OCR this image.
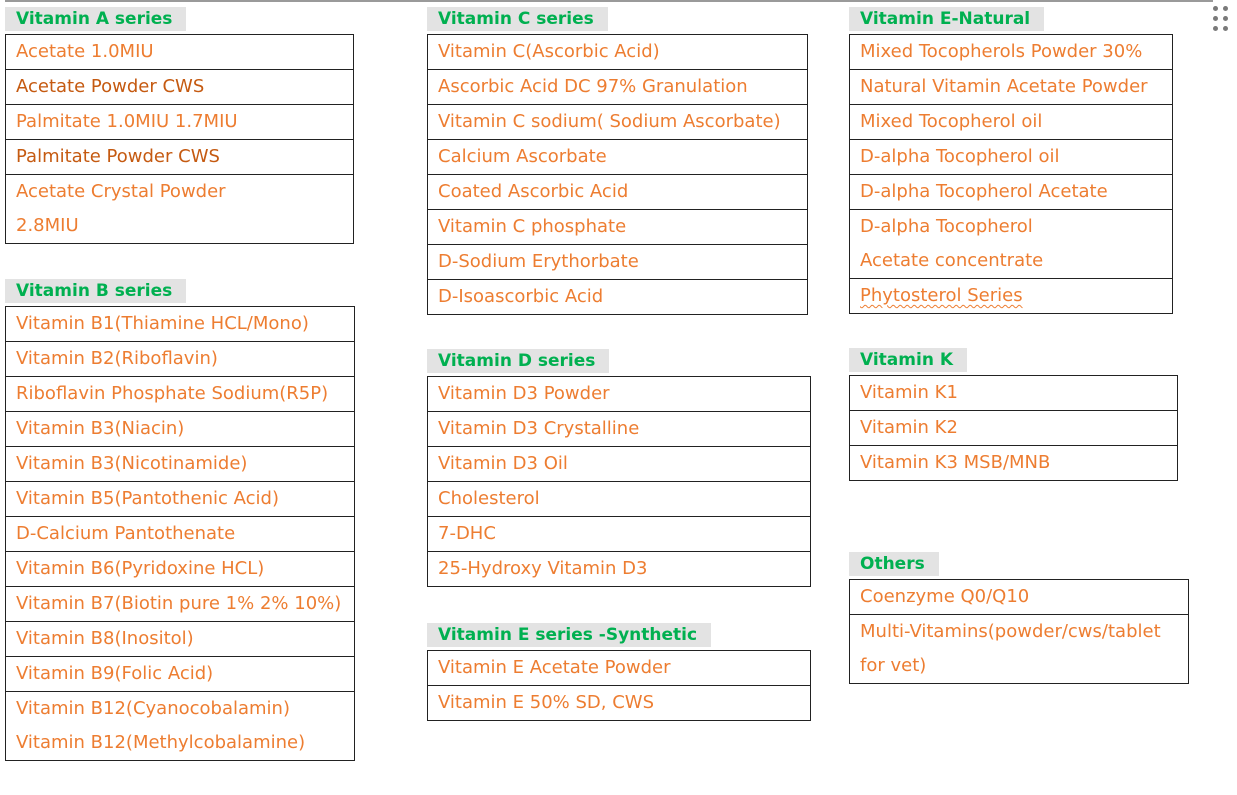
Vitamin A series
Acetate 1.0MIU
Acetate Powder CWS
Palmitate 1.0MIU 1.7MIU
Palmitate Powder CWS
Acetate Crystal Powder
2.8MIU
Vitamin B series
Vitamin B1(Thiamine HCL/Mono)
Vitamin B2(Riboflavin)
Riboflavin Phosphate Sodium(R5P)
Vitamin B3(Niacin)
Vitamin B3(Nicotinamide)
Vitamin B5(Pantothenic Acid)
D-Calcium Pantothenate
Vitamin B6(Pyridoxine HCL)
Vitamin B7(Biotin pure 1% 2% 10%)
Vitamin B8(Inositol)
Vitamin B9(Folic Acid)
Vitamin B12(Cyanocobalamin)
Vitamin B12(Methylcobalamine)
Vitamin C series
Vitamin C(Ascorbic Acid)
Ascorbic Acid DC 97% Granulation
Vitamin C sodium( Sodium Ascorbate)
Calcium Ascorbate
Coated Ascorbic Acid
Vitamin C phosphate
D-Sodium Erythorbate
D-Isoascorbic Acid
Vitamin D series
Vitamin D3 Powder
Vitamin D3 Crystalline
Vitamin D3 Oil
Cholesterol
7-DHC
25-Hydroxy Vitamin D3
Vitamin E series -Synthetic
Vitamin E Acetate Powder
Vitamin E 50% SD, CWS
Vitamin E-Natural
Mixed Tocopherols Powder 30%
Natural Vitamin Acetate Powder
Mixed Tocopherol oil
D-alpha Tocopherol oil
D-alpha Tocopherol Acetate
D-alpha Tocopherol
Acetate concentrate
Phytosterol Series
Vitamin K
Vitamin K1
Vitamin K2
Vitamin K3 MSB/MNB
Others
Coenzyme Q0/Q10
Multi-Vitamins(powder/cws/tablet
for vet)
